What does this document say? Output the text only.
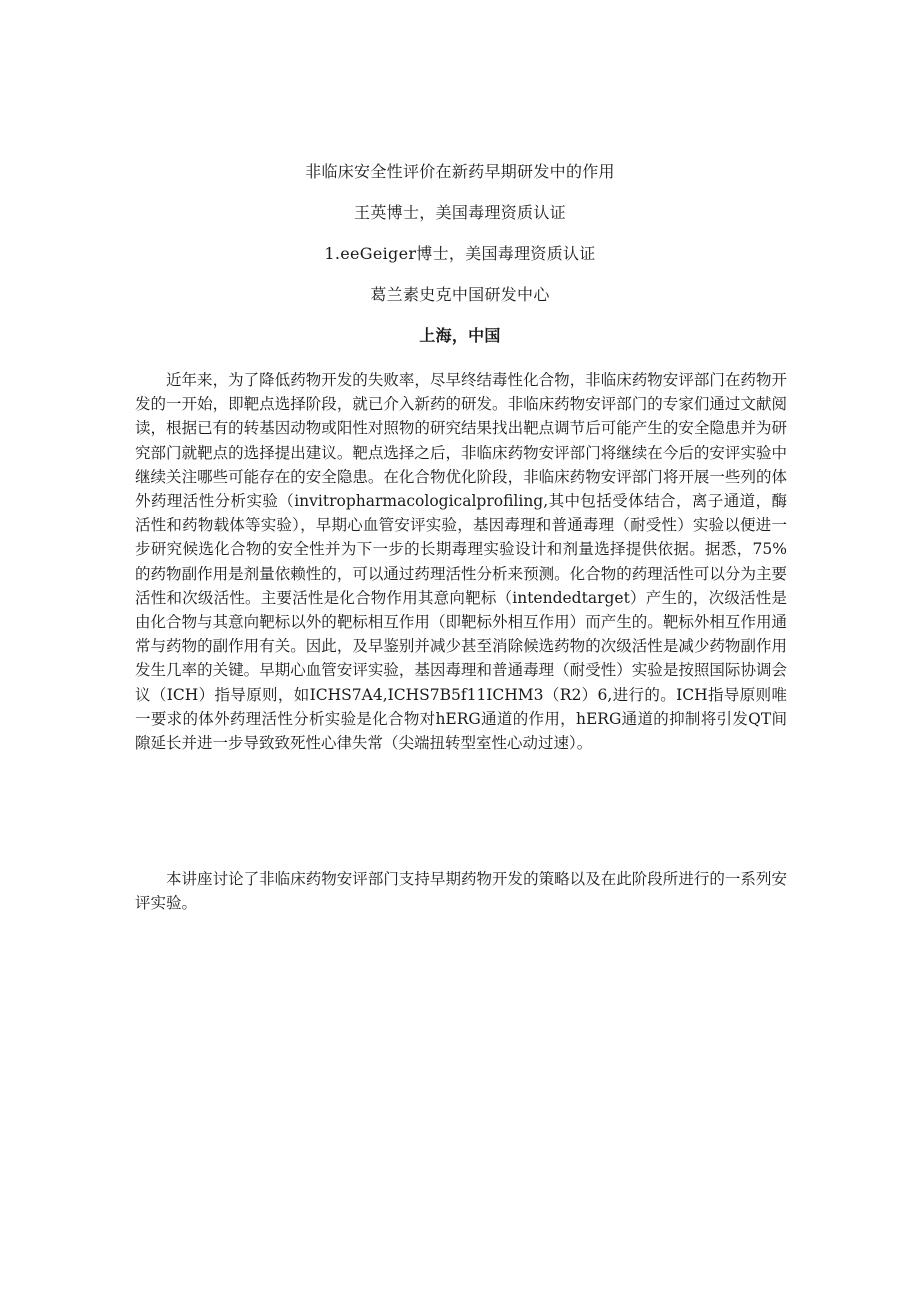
非临床安全性评价在新药早期研发中的作用
王英博士，美国毒理资质认证
1.eeGeiger博士，美国毒理资质认证
葛兰素史克中国研发中心
上海，中国

近年来，为了降低药物开发的失败率，尽早终结毒性化合物，非临床药物安评部门在药物开发的一开始，即靶点选择阶段，就已介入新药的研发。非临床药物安评部门的专家们通过文献阅读，根据已有的转基因动物或阳性对照物的研究结果找出靶点调节后可能产生的安全隐患并为研究部门就靶点的选择提出建议。靶点选择之后，非临床药物安评部门将继续在今后的安评实验中继续关注哪些可能存在的安全隐患。在化合物优化阶段，非临床药物安评部门将开展一些列的体外药理活性分析实验（invitropharmacologicalprofiling,其中包括受体结合，离子通道，酶活性和药物载体等实验），早期心血管安评实验，基因毒理和普通毒理（耐受性）实验以便进一步研究候选化合物的安全性并为下一步的长期毒理实验设计和剂量选择提供依据。据悉，75%的药物副作用是剂量依赖性的，可以通过药理活性分析来预测。化合物的药理活性可以分为主要活性和次级活性。主要活性是化合物作用其意向靶标（intendedtarget）产生的，次级活性是由化合物与其意向靶标以外的靶标相互作用（即靶标外相互作用）而产生的。靶标外相互作用通常与药物的副作用有关。因此，及早鉴别并减少甚至消除候选药物的次级活性是减少药物副作用发生几率的关键。早期心血管安评实验，基因毒理和普通毒理（耐受性）实验是按照国际协调会议（ICH）指导原则，如ICHS7A4,ICHS7B5f11ICHM3（R2）6,进行的。ICH指导原则唯一要求的体外药理活性分析实验是化合物对hERG通道的作用，hERG通道的抑制将引发QT间隙延长并进一步导致致死性心律失常（尖端扭转型室性心动过速）。

本讲座讨论了非临床药物安评部门支持早期药物开发的策略以及在此阶段所进行的一系列安评实验。
